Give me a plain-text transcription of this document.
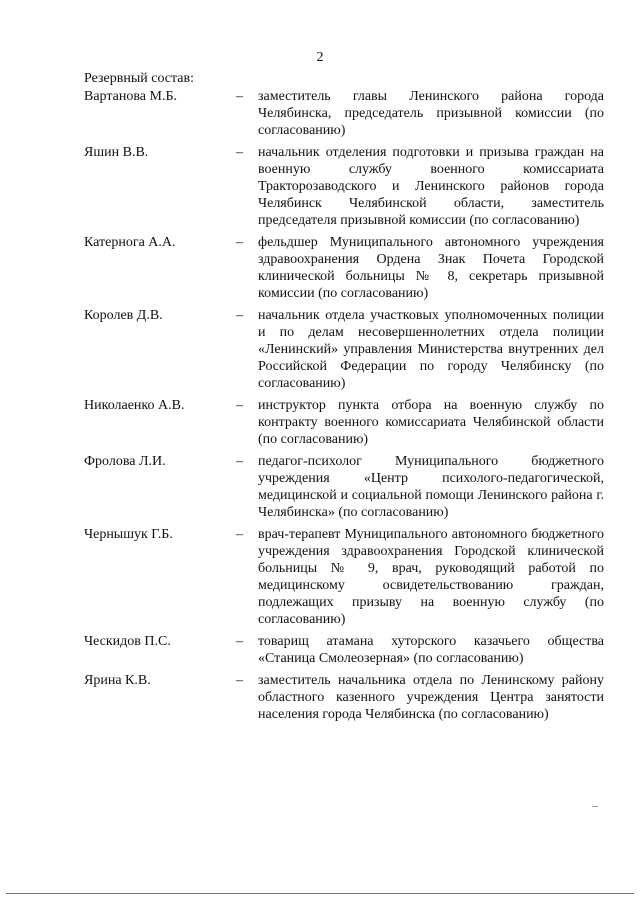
2
Резервный состав:
Вартанова М.Б.	–	заместитель главы Ленинского района города Челябинска, председатель призывной комиссии (по согласованию)
Яшин В.В.	–	начальник отделения подготовки и призыва граждан на военную службу военного комиссариата Тракторозаводского и Ленинского районов города Челябинск Челябинской области, заместитель председателя призывной комиссии (по согласованию)
Катернога А.А.	–	фельдшер Муниципального автономного учреждения здравоохранения Ордена Знак Почета Городской клинической больницы № 8, секретарь призывной комиссии (по согласованию)
Королев Д.В.	–	начальник отдела участковых уполномоченных полиции и по делам несовершеннолетних отдела полиции «Ленинский» управления Министерства внутренних дел Российской Федерации по городу Челябинску (по согласованию)
Николаенко А.В.	–	инструктор пункта отбора на военную службу по контракту военного комиссариата Челябинской области (по согласованию)
Фролова Л.И.	–	педагог-психолог Муниципального бюджетного учреждения «Центр психолого-педагогической, медицинской и социальной помощи Ленинского района г. Челябинска» (по согласованию)
Чернышук Г.Б.	–	врач-терапевт Муниципального автономного бюджетного учреждения здравоохранения Городской клинической больницы № 9, врач, руководящий работой по медицинскому освидетельствованию граждан, подлежащих призыву на военную службу (по согласованию)
Ческидов П.С.	–	товарищ атамана хуторского казачьего общества «Станица Смолеозерная» (по согласованию)
Ярина К.В.	–	заместитель начальника отдела по Ленинскому району областного казенного учреждения Центра занятости населения города Челябинска (по согласованию)
